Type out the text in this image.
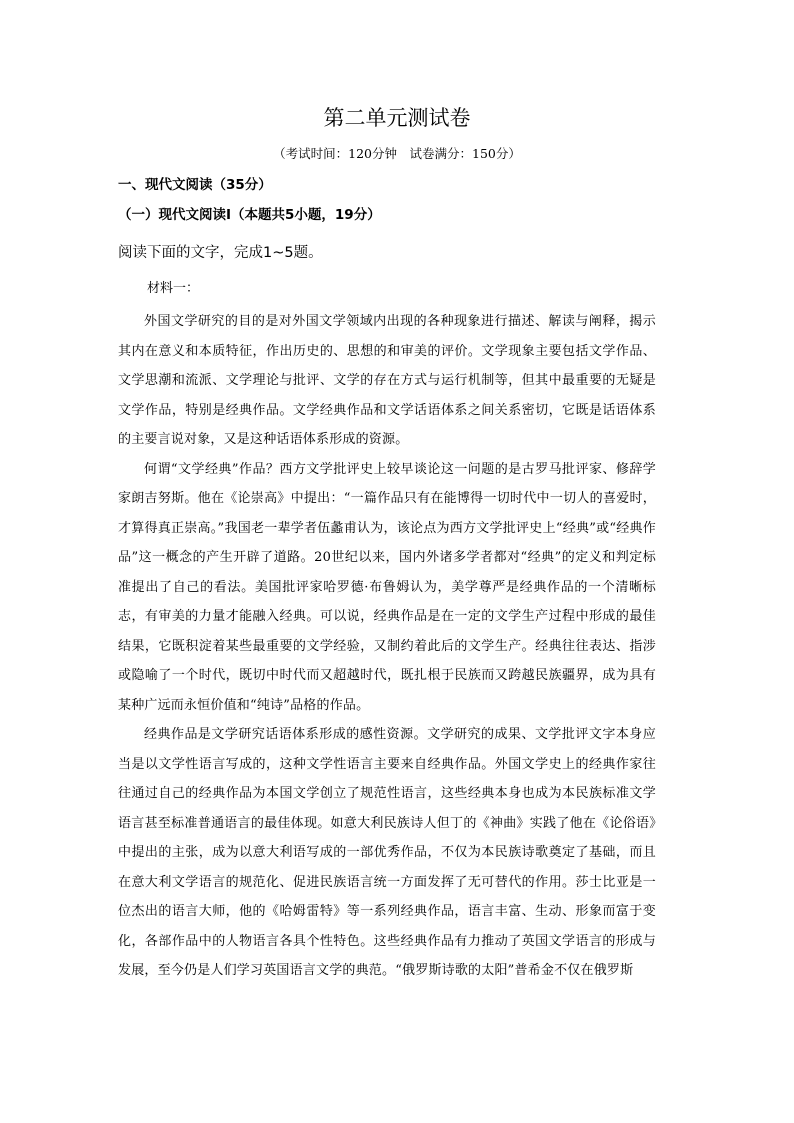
第二单元测试卷
（考试时间：120分钟　试卷满分：150分）
一、现代文阅读（35分）
（一）现代文阅读Ⅰ（本题共5小题，19分）
阅读下面的文字，完成1~5题。
材料一：

外国文学研究的目的是对外国文学领域内出现的各种现象进行描述、解读与阐释，揭示其内在意义和本质特征，作出历史的、思想的和审美的评价。文学现象主要包括文学作品、文学思潮和流派、文学理论与批评、文学的存在方式与运行机制等，但其中最重要的无疑是文学作品，特别是经典作品。文学经典作品和文学话语体系之间关系密切，它既是话语体系的主要言说对象，又是这种话语体系形成的资源。

何谓“文学经典”作品？西方文学批评史上较早谈论这一问题的是古罗马批评家、修辞学家朗吉努斯。他在《论崇高》中提出：“一篇作品只有在能博得一切时代中一切人的喜爱时，才算得真正崇高。”我国老一辈学者伍蠡甫认为，该论点为西方文学批评史上“经典”或“经典作品”这一概念的产生开辟了道路。20世纪以来，国内外诸多学者都对“经典”的定义和判定标准提出了自己的看法。美国批评家哈罗德·布鲁姆认为，美学尊严是经典作品的一个清晰标志，有审美的力量才能融入经典。可以说，经典作品是在一定的文学生产过程中形成的最佳结果，它既积淀着某些最重要的文学经验，又制约着此后的文学生产。经典往往表达、指涉或隐喻了一个时代，既切中时代而又超越时代，既扎根于民族而又跨越民族疆界，成为具有某种广远而永恒价值和“纯诗”品格的作品。

经典作品是文学研究话语体系形成的感性资源。文学研究的成果、文学批评文字本身应当是以文学性语言写成的，这种文学性语言主要来自经典作品。外国文学史上的经典作家往往通过自己的经典作品为本国文学创立了规范性语言，这些经典本身也成为本民族标准文学语言甚至标准普通语言的最佳体现。如意大利民族诗人但丁的《神曲》实践了他在《论俗语》中提出的主张，成为以意大利语写成的一部优秀作品，不仅为本民族诗歌奠定了基础，而且在意大利文学语言的规范化、促进民族语言统一方面发挥了无可替代的作用。莎士比亚是一位杰出的语言大师，他的《哈姆雷特》等一系列经典作品，语言丰富、生动、形象而富于变化，各部作品中的人物语言各具个性特色。这些经典作品有力推动了英国文学语言的形成与发展，至今仍是人们学习英国语言文学的典范。“俄罗斯诗歌的太阳”普希金不仅在俄罗斯
